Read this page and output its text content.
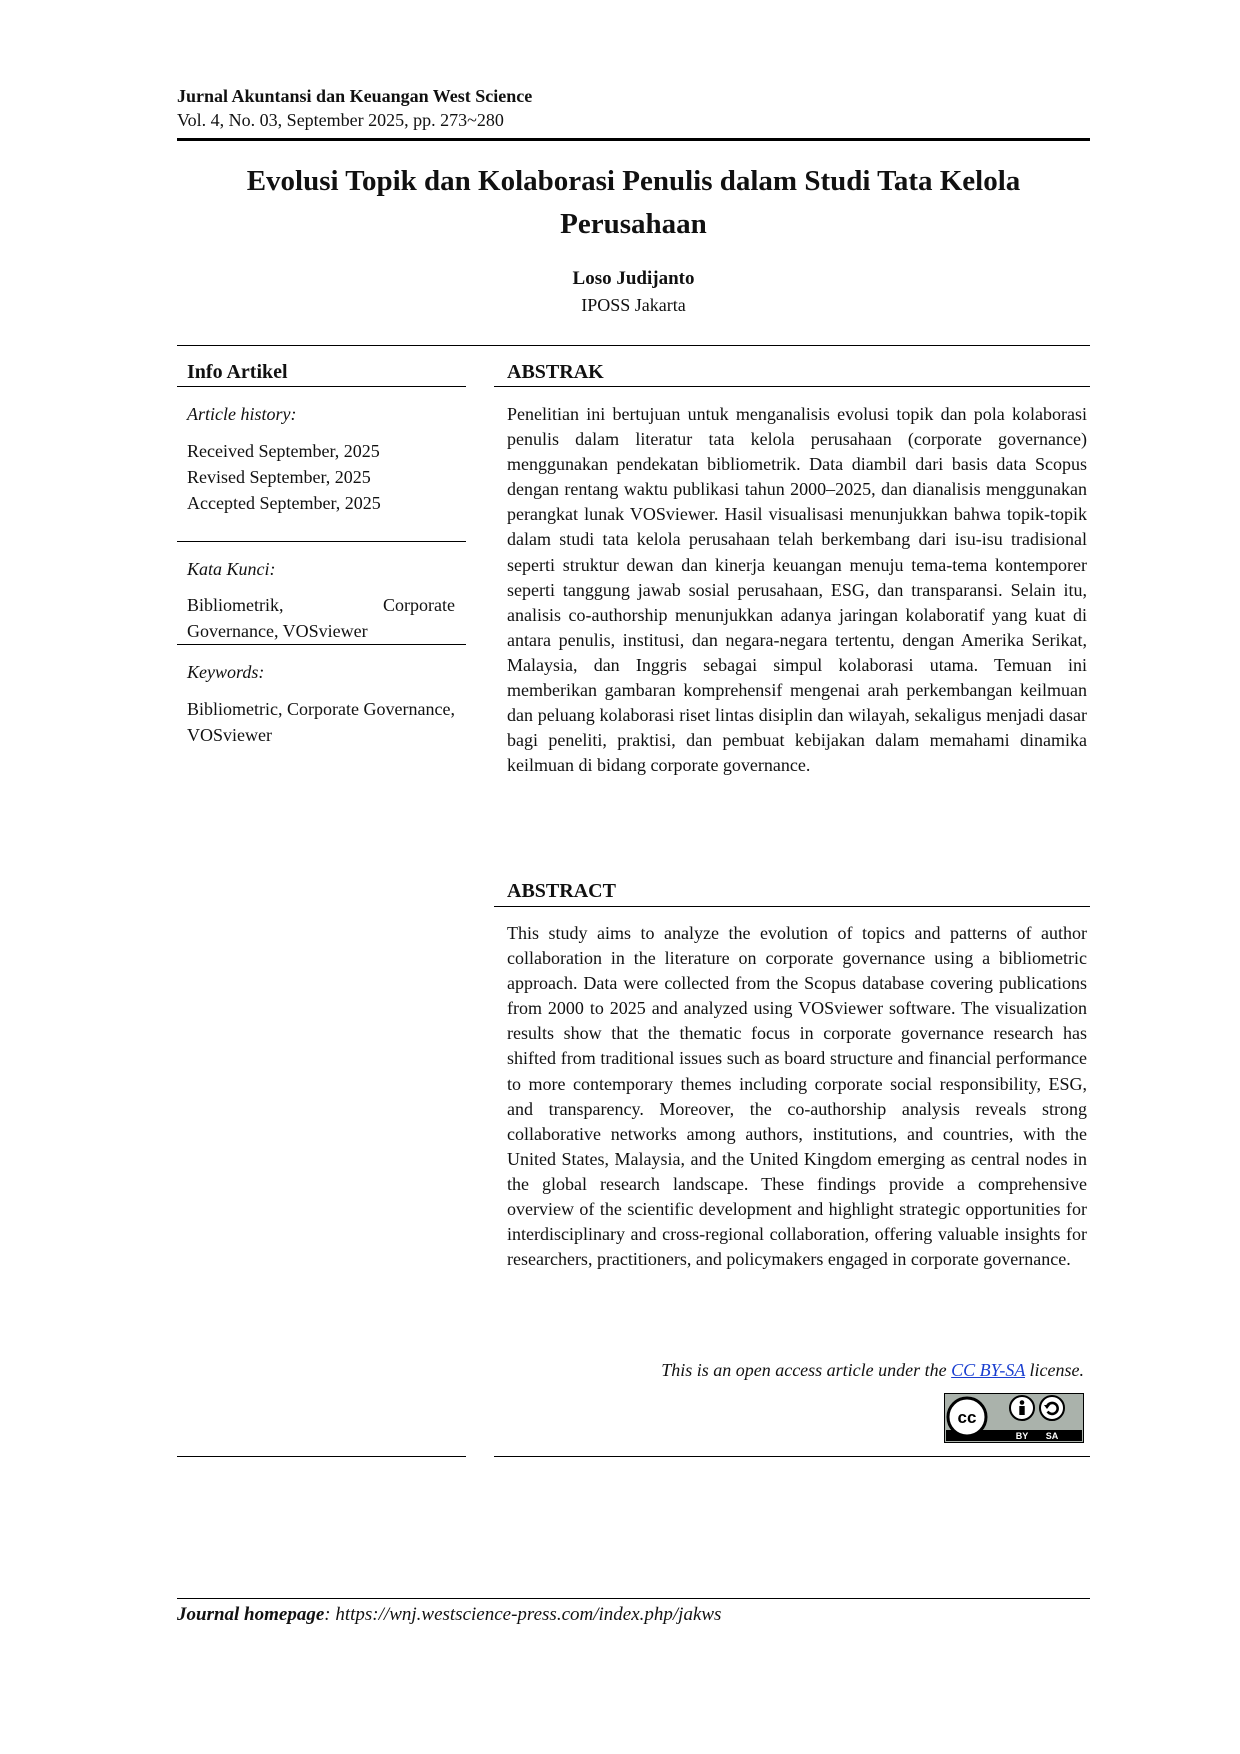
Jurnal Akuntansi dan Keuangan West Science
Vol. 4, No. 03, September 2025, pp. 273~280
Evolusi Topik dan Kolaborasi Penulis dalam Studi Tata Kelola Perusahaan
Loso Judijanto
IPOSS Jakarta
Info Artikel
Article history:
Received September, 2025
Revised September, 2025
Accepted September, 2025
Kata Kunci:
Bibliometrik, Corporate Governance, VOSviewer
Keywords:
Bibliometric, Corporate Governance, VOSviewer
ABSTRAK
Penelitian ini bertujuan untuk menganalisis evolusi topik dan pola kolaborasi penulis dalam literatur tata kelola perusahaan (corporate governance) menggunakan pendekatan bibliometrik. Data diambil dari basis data Scopus dengan rentang waktu publikasi tahun 2000–2025, dan dianalisis menggunakan perangkat lunak VOSviewer. Hasil visualisasi menunjukkan bahwa topik-topik dalam studi tata kelola perusahaan telah berkembang dari isu-isu tradisional seperti struktur dewan dan kinerja keuangan menuju tema-tema kontemporer seperti tanggung jawab sosial perusahaan, ESG, dan transparansi. Selain itu, analisis co-authorship menunjukkan adanya jaringan kolaboratif yang kuat di antara penulis, institusi, dan negara-negara tertentu, dengan Amerika Serikat, Malaysia, dan Inggris sebagai simpul kolaborasi utama. Temuan ini memberikan gambaran komprehensif mengenai arah perkembangan keilmuan dan peluang kolaborasi riset lintas disiplin dan wilayah, sekaligus menjadi dasar bagi peneliti, praktisi, dan pembuat kebijakan dalam memahami dinamika keilmuan di bidang corporate governance.
ABSTRACT
This study aims to analyze the evolution of topics and patterns of author collaboration in the literature on corporate governance using a bibliometric approach. Data were collected from the Scopus database covering publications from 2000 to 2025 and analyzed using VOSviewer software. The visualization results show that the thematic focus in corporate governance research has shifted from traditional issues such as board structure and financial performance to more contemporary themes including corporate social responsibility, ESG, and transparency. Moreover, the co-authorship analysis reveals strong collaborative networks among authors, institutions, and countries, with the United States, Malaysia, and the United Kingdom emerging as central nodes in the global research landscape. These findings provide a comprehensive overview of the scientific development and highlight strategic opportunities for interdisciplinary and cross-regional collaboration, offering valuable insights for researchers, practitioners, and policymakers engaged in corporate governance.
This is an open access article under the CC BY-SA license.
cc
BY SA
Journal homepage: https://wnj.westscience-press.com/index.php/jakws
